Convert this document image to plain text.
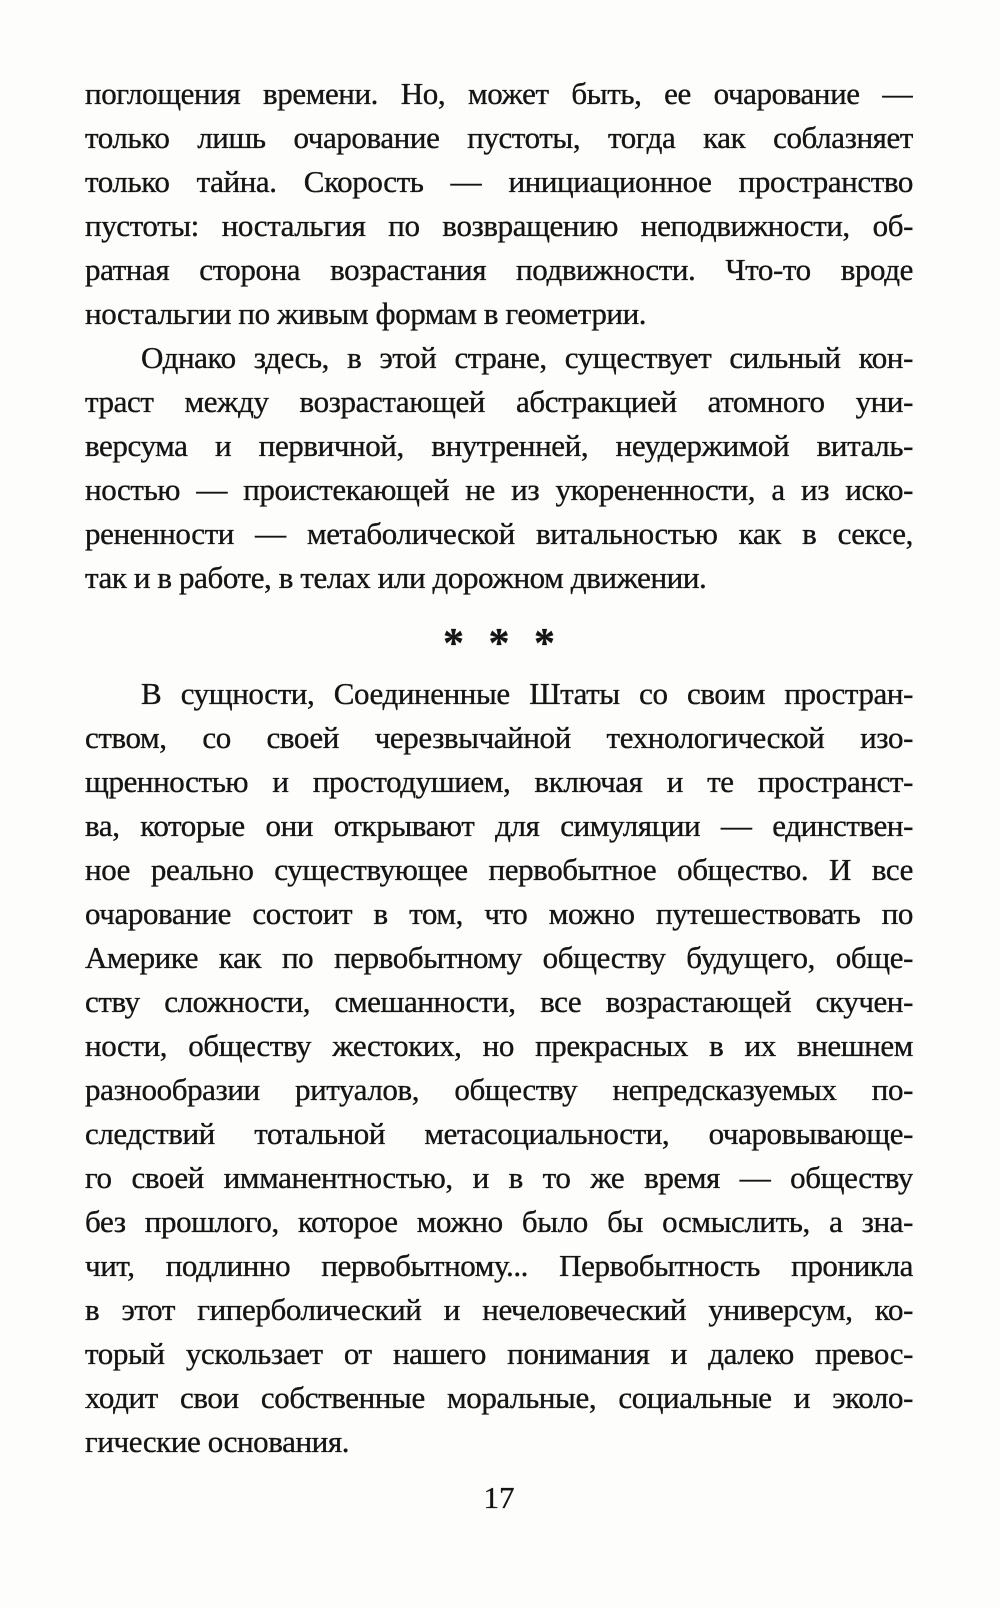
поглощения времени. Но, может быть, ее очарование —
только лишь очарование пустоты, тогда как соблазняет
только тайна. Скорость — инициационное пространство
пустоты: ностальгия по возвращению неподвижности, об-
ратная сторона возрастания подвижности. Что-то вроде
ностальгии по живым формам в геометрии.
Однако здесь, в этой стране, существует сильный кон-
траст между возрастающей абстракцией атомного уни-
версума и первичной, внутренней, неудержимой виталь-
ностью — проистекающей не из укорененности, а из иско-
рененности — метаболической витальностью как в сексе,
так и в работе, в телах или дорожном движении.
* * *
В сущности, Соединенные Штаты со своим простран-
ством, со своей черезвычайной технологической изо-
щренностью и простодушием, включая и те пространст-
ва, которые они открывают для симуляции — единствен-
ное реально существующее первобытное общество. И все
очарование состоит в том, что можно путешествовать по
Америке как по первобытному обществу будущего, обще-
ству сложности, смешанности, все возрастающей скучен-
ности, обществу жестоких, но прекрасных в их внешнем
разнообразии ритуалов, обществу непредсказуемых по-
следствий тотальной метасоциальности, очаровывающе-
го своей имманентностью, и в то же время — обществу
без прошлого, которое можно было бы осмыслить, а зна-
чит, подлинно первобытному... Первобытность проникла
в этот гиперболический и нечеловеческий универсум, ко-
торый ускользает от нашего понимания и далеко превос-
ходит свои собственные моральные, социальные и эколо-
гические основания.
17
